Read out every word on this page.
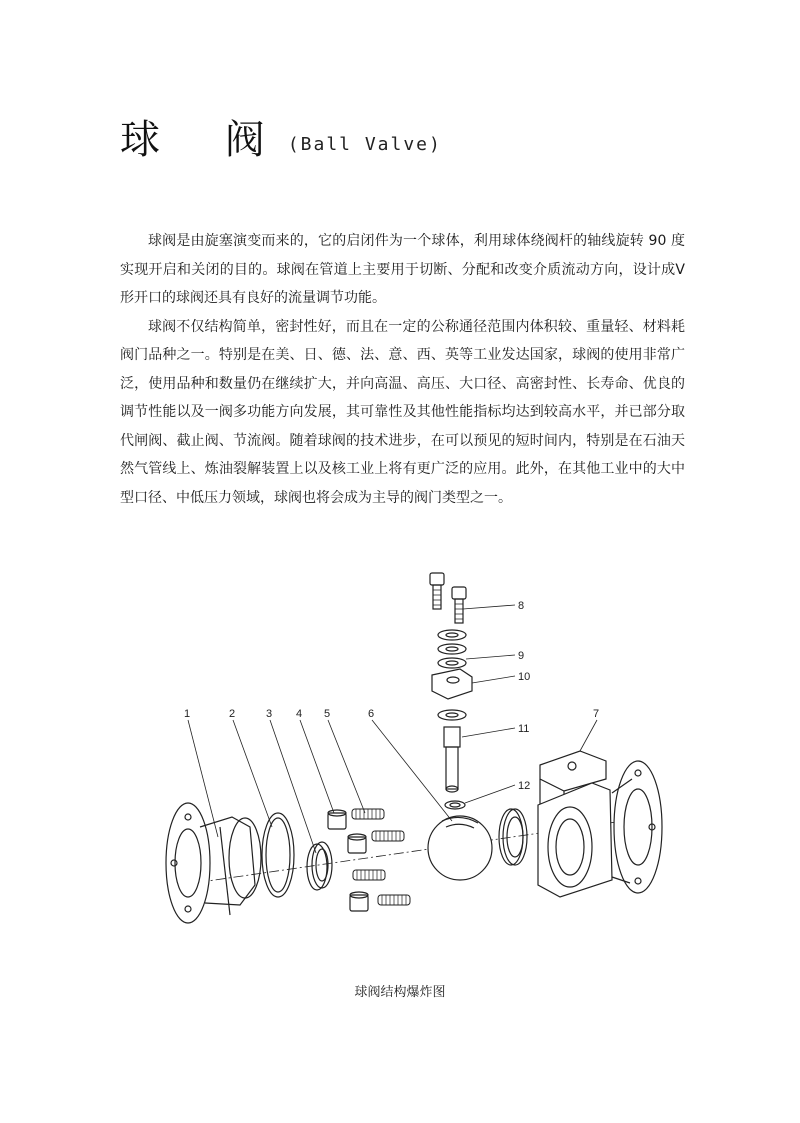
球 阀 (Ball Valve)

球阀是由旋塞演变而来的，它的启闭件为一个球体，利用球体绕阀杆的轴线旋转 90 度实现开启和关闭的目的。球阀在管道上主要用于切断、分配和改变介质流动方向，设计成V形开口的球阀还具有良好的流量调节功能。

球阀不仅结构简单，密封性好，而且在一定的公称通径范围内体积较、重量轻、材料耗阀门品种之一。特别是在美、日、德、法、意、西、英等工业发达国家，球阀的使用非常广泛，使用品种和数量仍在继续扩大，并向高温、高压、大口径、高密封性、长寿命、优良的调节性能以及一阀多功能方向发展，其可靠性及其他性能指标均达到较高水平，并已部分取代闸阀、截止阀、节流阀。随着球阀的技术进步，在可以预见的短时间内，特别是在石油天然气管线上、炼油裂解装置上以及核工业上将有更广泛的应用。此外，在其他工业中的大中型口径、中低压力领域，球阀也将会成为主导的阀门类型之一。

1	2	3 4 5	6	7
8
9
10
11
12
球阀结构爆炸图
